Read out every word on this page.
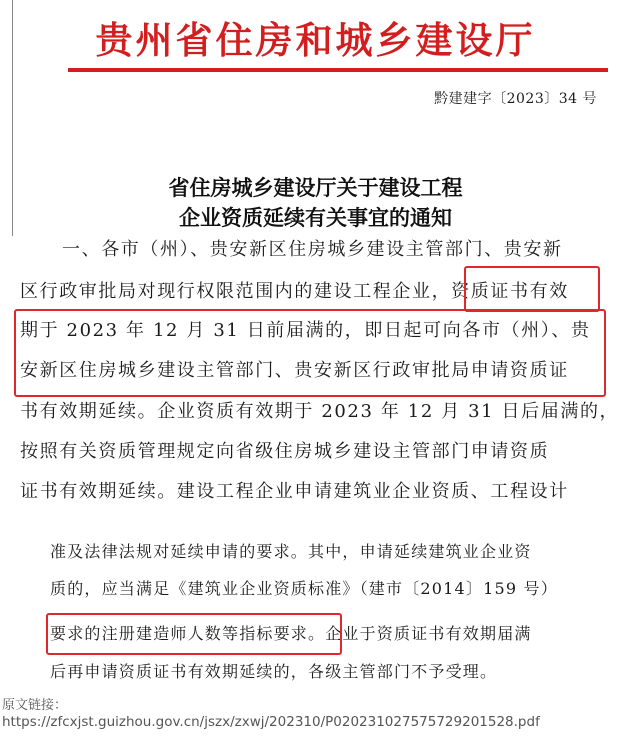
贵州省住房和城乡建设厅
黔建建字〔2023〕34 号
省住房城乡建设厅关于建设工程
企业资质延续有关事宜的通知
一、各市（州）、贵安新区住房城乡建设主管部门、贵安新
区行政审批局对现行权限范围内的建设工程企业，资质证书有效
期于 2023 年 12 月 31 日前届满的，即日起可向各市（州）、贵
安新区住房城乡建设主管部门、贵安新区行政审批局申请资质证
书有效期延续。企业资质有效期于 2023 年 12 月 31 日后届满的，
按照有关资质管理规定向省级住房城乡建设主管部门申请资质
证书有效期延续。建设工程企业申请建筑业企业资质、工程设计
准及法律法规对延续申请的要求。其中，申请延续建筑业企业资
质的，应当满足《建筑业企业资质标准》（建市〔2014〕159 号）
要求的注册建造师人数等指标要求。企业于资质证书有效期届满
后再申请资质证书有效期延续的，各级主管部门不予受理。
原文链接：
https://zfcxjst.guizhou.gov.cn/jszx/zxwj/202310/P020231027575729201528.pdf
